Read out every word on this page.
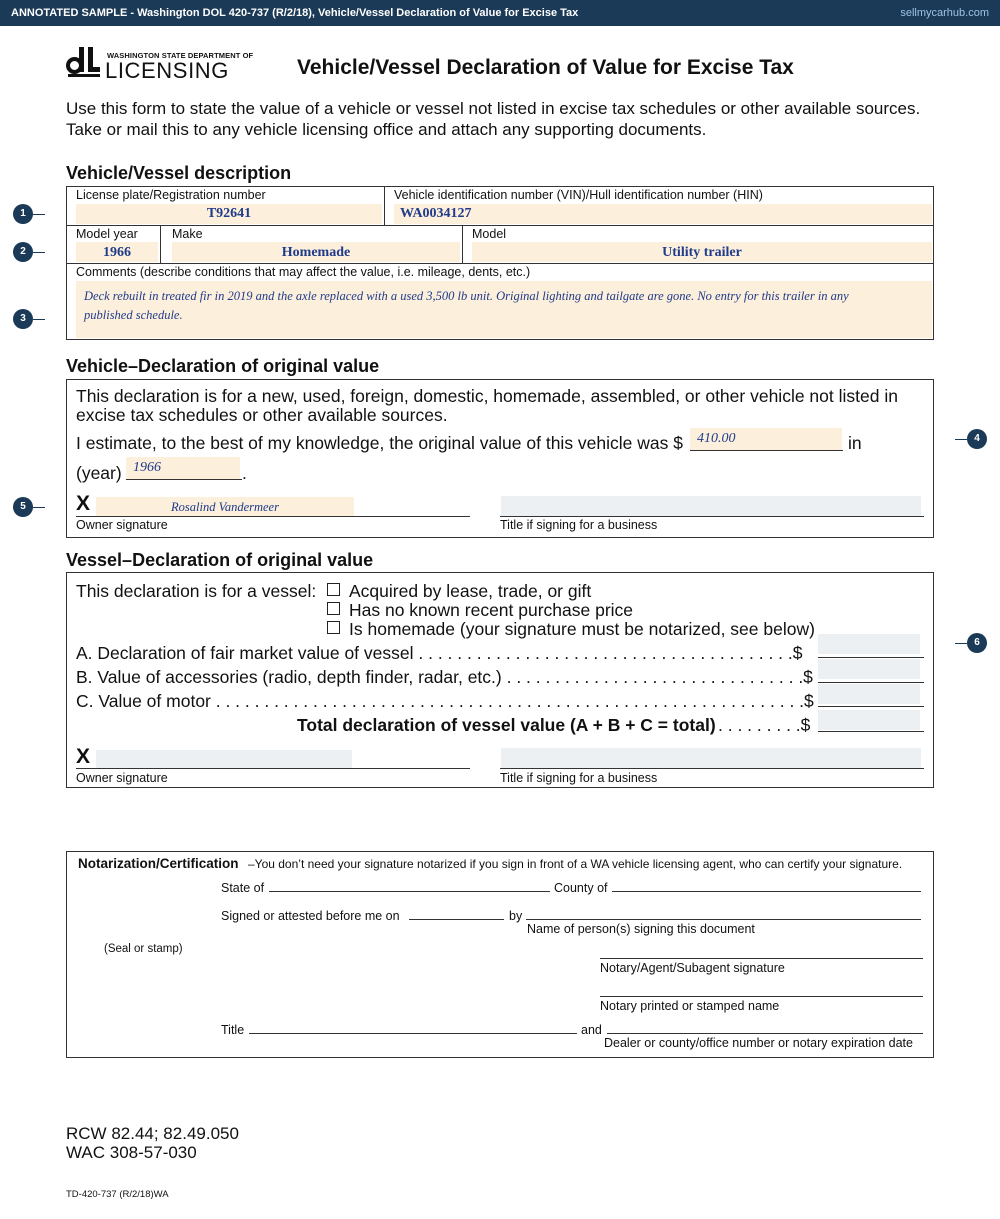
ANNOTATED SAMPLE - Washington DOL 420-737 (R/2/18), Vehicle/Vessel Declaration of Value for Excise Tax	sellmycarhub.com
WASHINGTON STATE DEPARTMENT OF
LICENSING	Vehicle/Vessel Declaration of Value for Excise Tax
Use this form to state the value of a vehicle or vessel not listed in excise tax schedules or other available sources.
Take or mail this to any vehicle licensing office and attach any supporting documents.
Vehicle/Vessel description
License plate/Registration number
T92641
Vehicle identification number (VIN)/Hull identification number (HIN)
WA0034127
Model year
1966
Make
Homemade
Model
Utility trailer
Comments (describe conditions that may affect the value, i.e. mileage, dents, etc.)
Deck rebuilt in treated fir in 2019 and the axle replaced with a used 3,500 lb unit. Original lighting and tailgate are gone. No entry for this trailer in any
published schedule.
Vehicle–Declaration of original value
This declaration is for a new, used, foreign, domestic, homemade, assembled, or other vehicle not listed in
excise tax schedules or other available sources.
I estimate, to the best of my knowledge, the original value of this vehicle was $ 410.00	in
(year) 1966	.
X	Rosalind Vandermeer
Owner signature	Title if signing for a business
Vessel–Declaration of original value
This declaration is for a vessel: Acquired by lease, trade, or gift
Has no known recent purchase price
Is homemade (your signature must be notarized, see below)
A. Declaration of fair market value of vessel . . . . . . . . . . . . . . . . . . . . . . . . . . . . . . . . . . . . . . .$
B. Value of accessories (radio, depth finder, radar, etc.) . . . . . . . . . . . . . . . . . . . . . . . . . . . . . . .$
C. Value of motor . . . . . . . . . . . . . . . . . . . . . . . . . . . . . . . . . . . . . . . . . . . . . . . . . . . . . . . . . . . . .$
Total declaration of vessel value (A + B + C = total) . . . . . . . . .$
X
Owner signature	Title if signing for a business
Notarization/Certification –You don’t need your signature notarized if you sign in front of a WA vehicle licensing agent, who can certify your signature.
State of	County of
Signed or attested before me on	by
Name of person(s) signing this document
(Seal or stamp)
Notary/Agent/Subagent signature
Notary printed or stamped name
Title	and
Dealer or county/office number or notary expiration date
RCW 82.44; 82.49.050
WAC 308-57-030
TD-420-737 (R/2/18)WA
1
2
3
4
5
6
